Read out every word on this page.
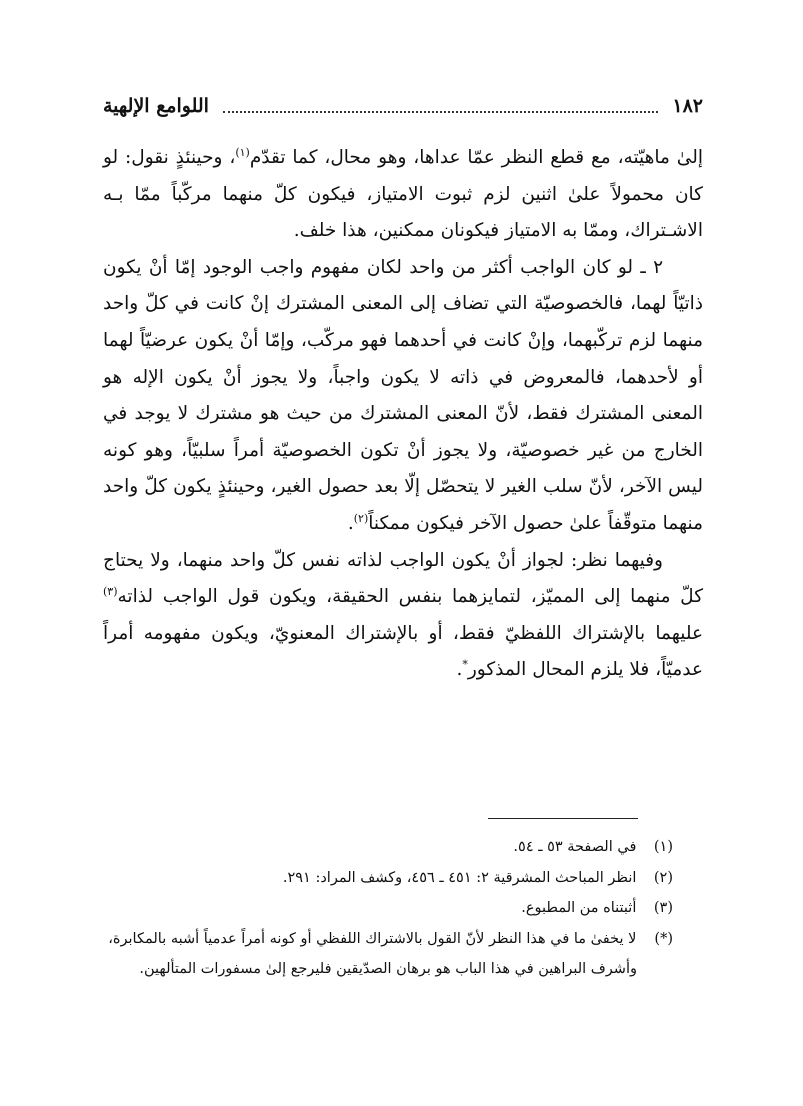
١٨٢
اللوامع الإلهية

إلىٰ ماهيّته، مع قطع النظر عمّا عداها، وهو محال، كما تقدّم$^{(١)}$، وحينئذٍ نقول: لو كان محمولاً علىٰ اثنين لزم ثبوت الامتياز، فيكون كلّ منهما مركّباً ممّا بـه الاشـتراك، وممّا به الامتياز فيكونان ممكنين، هذا خلف.

٢ ـ لو كان الواجب أكثر من واحد لكان مفهوم واجب الوجود إمّا أنْ يكون ذاتيّاً لهما، فالخصوصيّة التي تضاف إلى المعنى المشترك إنْ كانت في كلّ واحد منهما لزم تركّبهما، وإنْ كانت في أحدهما فهو مركّب، وإمّا أنْ يكون عرضيّاً لهما أو لأحدهما، فالمعروض في ذاته لا يكون واجباً، ولا يجوز أنْ يكون الإله هو المعنى المشترك فقط، لأنّ المعنى المشترك من حيث هو مشترك لا يوجد في الخارج من غير خصوصيّة، ولا يجوز أنْ تكون الخصوصيّة أمراً سلبيّاً، وهو كونه ليس الآخر، لأنّ سلب الغير لا يتحصّل إلّا بعد حصول الغير، وحينئذٍ يكون كلّ واحد منهما متوقّفاً علىٰ حصول الآخر فيكون ممكناً$^{(٢)}$.

وفيهما نظر: لجواز أنْ يكون الواجب لذاته نفس كلّ واحد منهما، ولا يحتاج كلّ منهما إلى المميّز، لتمايزهما بنفس الحقيقة، ويكون قول الواجب لذاته$^{(٣)}$ عليهما بالإشتراك اللفظيّ فقط، أو بالإشتراك المعنويّ، ويكون مفهومه أمراً عدميّاً، فلا يلزم المحال المذكور*.

(١) في الصفحة ٥٣ ـ ٥٤.

(٢) انظر المباحث المشرقية ٢: ٤٥١ ـ ٤٥٦، وكشف المراد: ٢٩١.

(٣) أثبتناه من المطبوع.

(*) لا يخفىٰ ما في هذا النظر لأنّ القول بالاشتراك اللفظي أو كونه أمراً عدمياً أشبه بالمكابرة،

وأشرف البراهين في هذا الباب هو برهان الصدّيقين فليرجع إلىٰ مسفورات المتألهين.
